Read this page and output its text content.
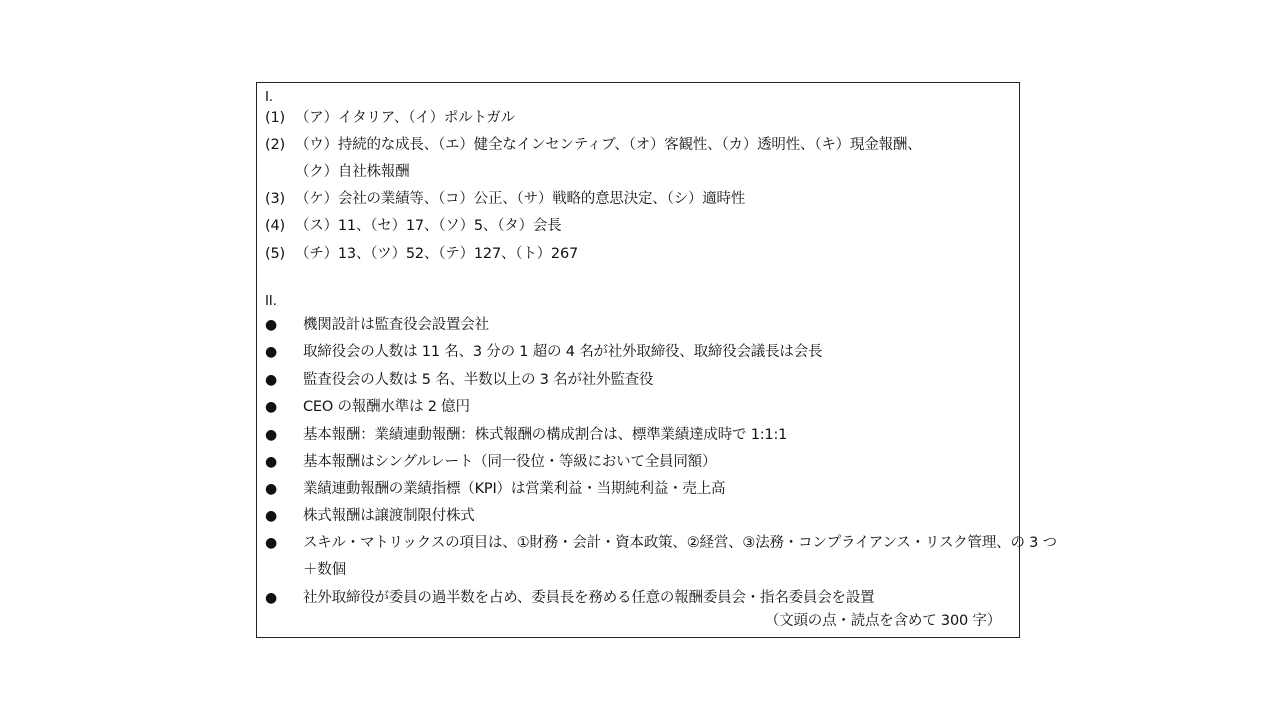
I.
(1) （ア）イタリア、（イ）ポルトガル
(2) （ウ）持続的な成長、（エ）健全なインセンティブ、（オ）客観性、（カ）透明性、（キ）現金報酬、
（ク）自社株報酬
(3) （ケ）会社の業績等、（コ）公正、（サ）戦略的意思決定、（シ）適時性
(4) （ス）11、（セ）17、（ソ）5、（タ）会長
(5) （チ）13、（ツ）52、（テ）127、（ト）267
II.
● 機関設計は監査役会設置会社
● 取締役会の人数は 11 名、3 分の 1 超の 4 名が社外取締役、取締役会議長は会長
● 監査役会の人数は 5 名、半数以上の 3 名が社外監査役
● CEO の報酬水準は 2 億円
● 基本報酬：業績連動報酬：株式報酬の構成割合は、標準業績達成時で 1:1:1
● 基本報酬はシングルレート（同一役位・等級において全員同額）
● 業績連動報酬の業績指標（KPI）は営業利益・当期純利益・売上高
● 株式報酬は譲渡制限付株式
● スキル・マトリックスの項目は、①財務・会計・資本政策、②経営、③法務・コンプライアンス・リスク管理、の 3 つ
＋数個
● 社外取締役が委員の過半数を占め、委員長を務める任意の報酬委員会・指名委員会を設置
（文頭の点・読点を含めて 300 字）
